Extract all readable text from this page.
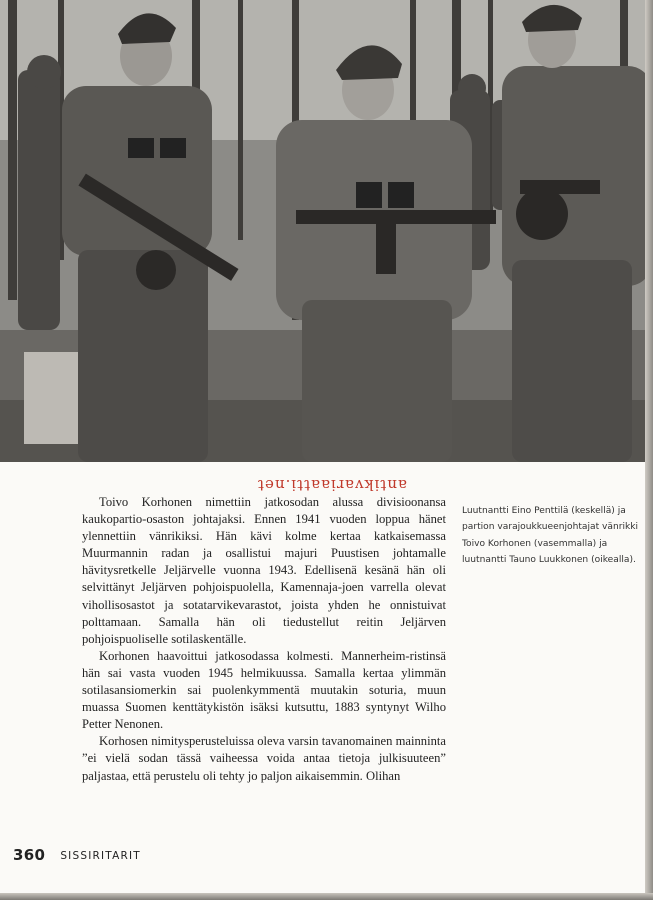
antikvariaatti.net

Toivo Korhonen nimettiin jatkosodan alussa divisioonansa kaukopartio-osaston johtajaksi. Ennen 1941 vuoden loppua hänet ylennettiin vänrikiksi. Hän kävi kolme kertaa katkaisemassa Muurmannin radan ja osallistui majuri Puustisen johtamalle hävitysretkelle Jeljärvelle vuonna 1943. Edellisenä kesänä hän oli selvittänyt Jeljärven pohjoispuolella, Kamennaja-joen varrella olevat vihollisosastot ja sotatarvikevarastot, joista yhden he onnistuivat polttamaan. Samalla hän oli tiedustellut reitin Jeljärven pohjoispuoliselle sotilaskentälle.

Korhonen haavoittui jatkosodassa kolmesti. Mannerheim-ristinsä hän sai vasta vuoden 1945 helmikuussa. Samalla kertaa ylimmän sotilasansiomerkin sai puolenkymmentä muutakin soturia, muun muassa Suomen kenttätykistön isäksi kutsuttu, 1883 syntynyt Wilho Petter Nenonen.

Korhosen nimitysperusteluissa oleva varsin tavanomainen mainninta ”ei vielä sodan tässä vaiheessa voida antaa tietoja julkisuuteen” paljastaa, että perustelu oli tehty jo paljon aikaisemmin. Olihan

Luutnantti Eino Penttilä (keskellä) ja partion varajoukkueenjohtajat vänrikki Toivo Korhonen (vasemmalla) ja luutnantti Tauno Luukkonen (oikealla).
360 SISSIRITARIT
